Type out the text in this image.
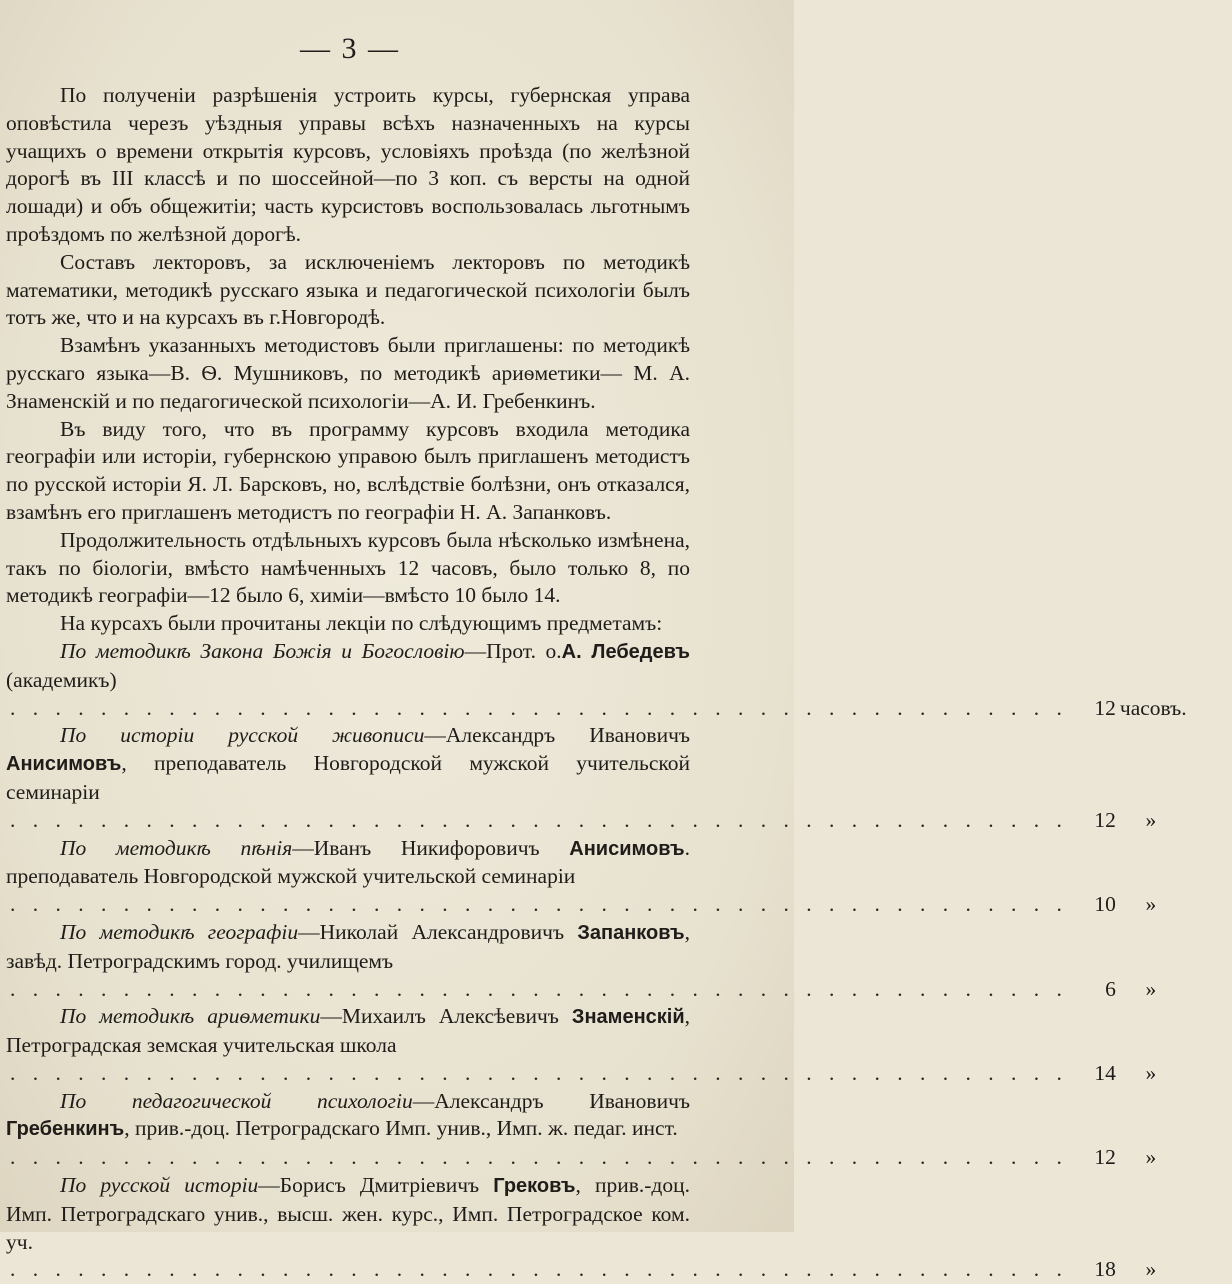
— 3 —

По полученіи разрѣшенія устроить курсы, губернская управа оповѣстила черезъ уѣздныя управы всѣхъ назначенныхъ на курсы учащихъ о времени открытія курсовъ, условіяхъ проѣзда (по желѣзной дорогѣ въ III классѣ и по шоссейной—по 3 коп. съ версты на одной лошади) и объ общежитіи; часть курсистовъ воспользовалась льготнымъ проѣздомъ по желѣзной дорогѣ.

Составъ лекторовъ, за исключеніемъ лекторовъ по методикѣ математики, методикѣ русскаго языка и педагогической психологіи былъ тотъ же, что и на курсахъ въ г.Новгородѣ.

Взамѣнъ указанныхъ методистовъ были приглашены: по методикѣ русскаго языка—В. Ѳ. Мушниковъ, по методикѣ ариѳметики— М. А. Знаменскій и по педагогической психологіи—А. И. Гребенкинъ.

Въ виду того, что въ программу курсовъ входила методика географіи или исторіи, губернскою управою былъ приглашенъ методистъ по русской исторіи Я. Л. Барсковъ, но, вслѣдствіе болѣзни, онъ отказался, взамѣнъ его приглашенъ методистъ по географіи Н. А. Запанковъ.

Продолжительность отдѣльныхъ курсовъ была нѣсколько измѣнена, такъ по біологіи, вмѣсто намѣченныхъ 12 часовъ, было только 8, по методикѣ географіи—12 было 6, химіи—вмѣсто 10 было 14.

На курсахъ были прочитаны лекціи по слѣдующимъ предметамъ:

По методикѣ Закона Божія и Богословію—Прот. о.А. Лебедевъ (академикъ)
. . . . . . . . . . . . . . . . . . . . . . . . . . . . . . . . . . . . . . . . . . . . . . .	12 часовъ.
По исторіи русской живописи—Александръ Ивановичъ Анисимовъ, преподаватель Новгородской мужской учительской семинаріи
. . . . . . . . . . . . . . . . . . . . . . . . . . . . . . . . . . . . . . . . . . . . . . .	12	»
По методикѣ пѣнія—Иванъ Никифоровичъ Анисимовъ. преподаватель Новгородской мужской учительской семинаріи
. . . . . . . . . . . . . . . . . . . . . . . . . . . . . . . . . . . . . . . . . . . . . . .	10	»
По методикѣ географіи—Николай Александровичъ Запанковъ, завѣд. Петроградскимъ город. училищемъ
. . . . . . . . . . . . . . . . . . . . . . . . . . . . . . . . . . . . . . . . . . . . . . .	6	»
По методикѣ ариѳметики—Михаилъ Алексѣевичъ Знаменскій, Петроградская земская учительская школа
. . . . . . . . . . . . . . . . . . . . . . . . . . . . . . . . . . . . . . . . . . . . . . .	14	»
По педагогической психологіи—Александръ Ивановичъ Гребенкинъ, прив.-доц. Петроградскаго Имп. унив., Имп. ж. педаг. инст.
. . . . . . . . . . . . . . . . . . . . . . . . . . . . . . . . . . . . . . . . . . . . . . .	12	»
По русской исторіи—Борисъ Дмитріевичъ Грековъ, прив.-доц. Имп. Петроградскаго унив., высш. жен. курс., Имп. Петроградское ком. уч.
. . . . . . . . . . . . . . . . . . . . . . . . . . . . . . . . . . . . . . . . . . . . . . .	18	»
